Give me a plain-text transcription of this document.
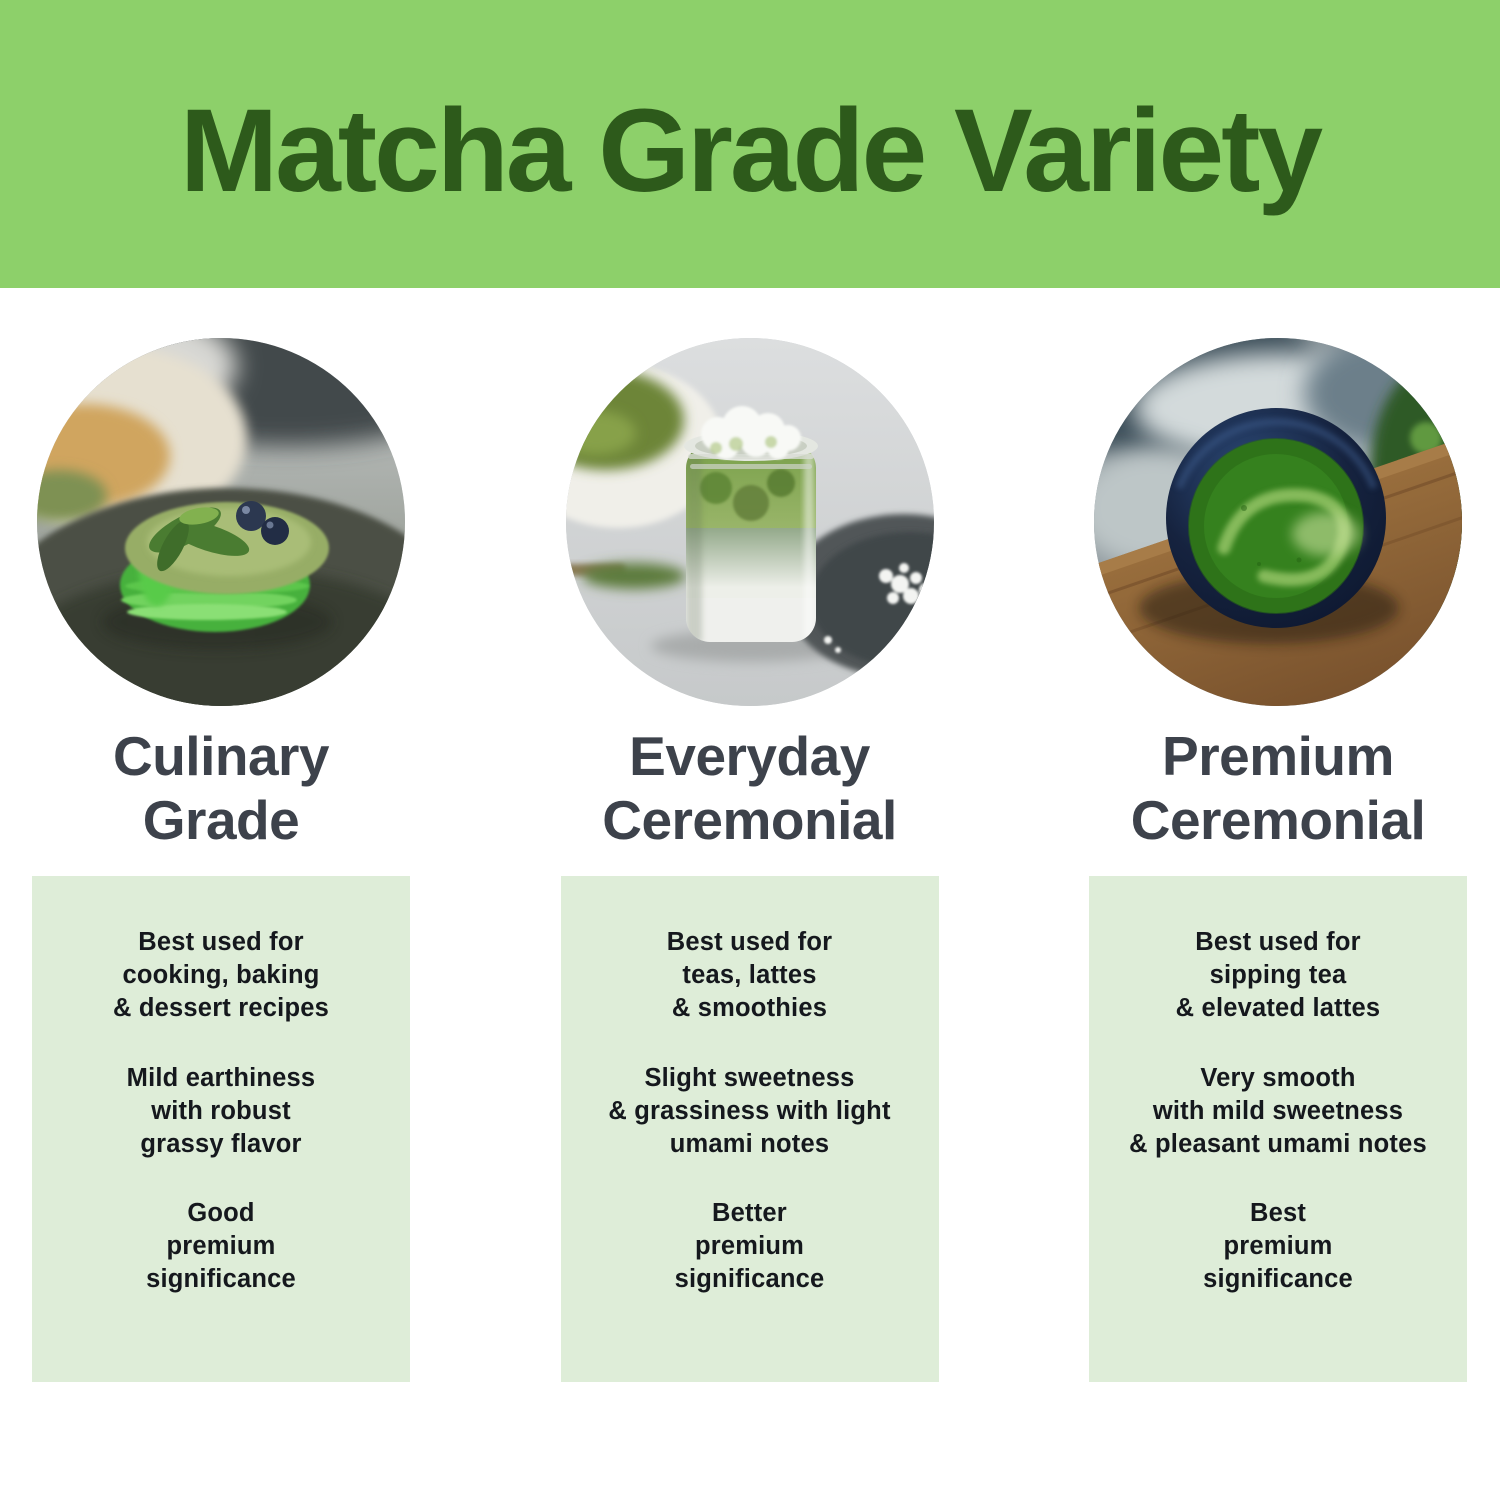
Matcha Grade Variety
Culinary
Grade

Best used for
cooking, baking
& dessert recipes

Mild earthiness
with robust
grassy flavor

Good
premium
significance

Everyday
Ceremonial

Best used for
teas, lattes
& smoothies

Slight sweetness
& grassiness with light
umami notes

Better
premium
significance

Premium
Ceremonial

Best used for
sipping tea
& elevated lattes

Very smooth
with mild sweetness
& pleasant umami notes

Best
premium
significance
